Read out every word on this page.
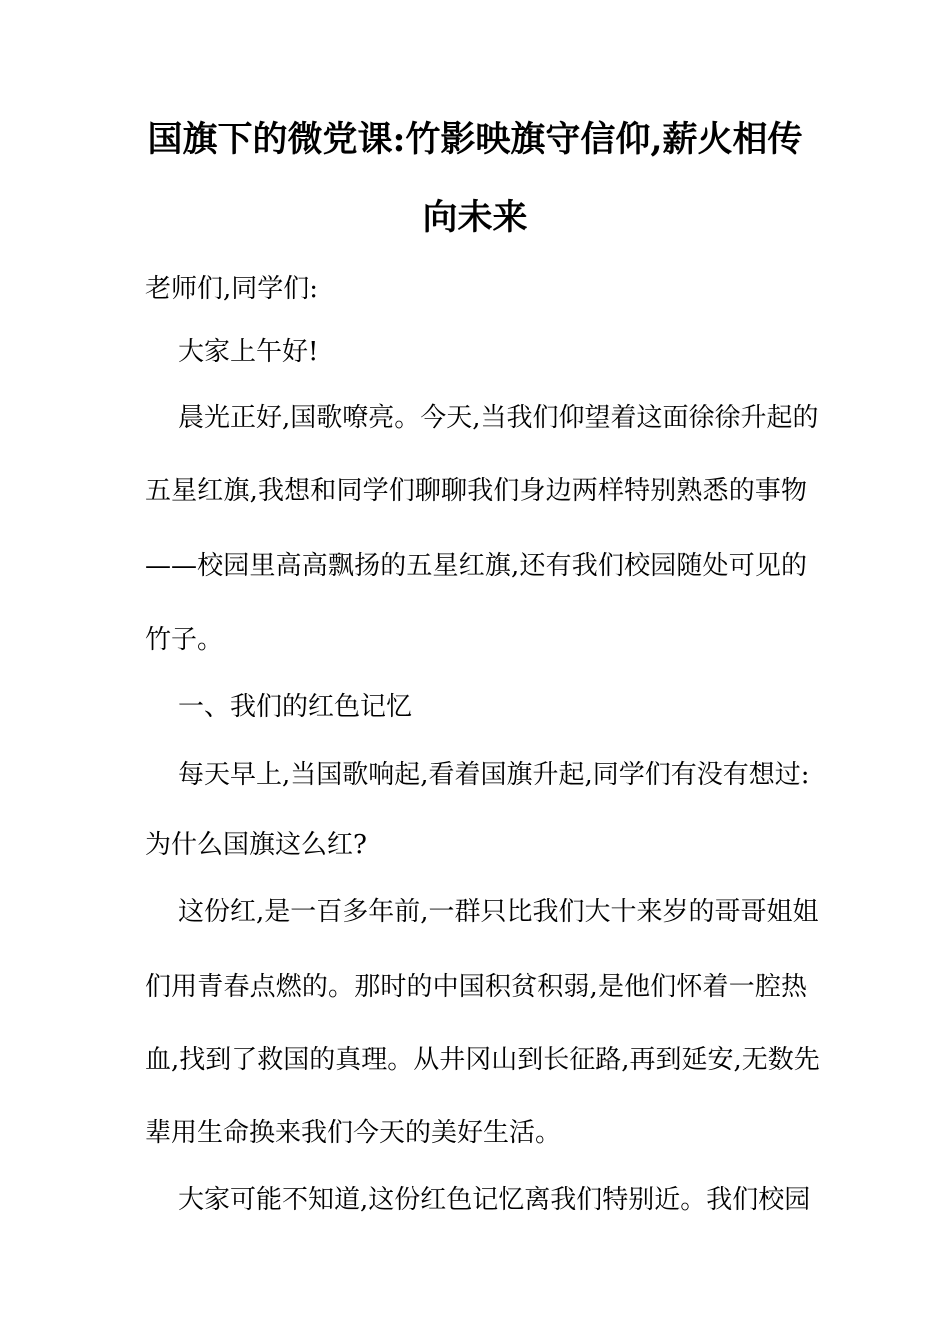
国旗下的微党课:竹影映旗守信仰,薪火相传
向未来
老师们,同学们:
大家上午好!
晨光正好,国歌嘹亮。今天,当我们仰望着这面徐徐升起的
五星红旗,我想和同学们聊聊我们身边两样特别熟悉的事物
——校园里高高飘扬的五星红旗,还有我们校园随处可见的
竹子。
一、我们的红色记忆
每天早上,当国歌响起,看着国旗升起,同学们有没有想过:
为什么国旗这么红?
这份红,是一百多年前,一群只比我们大十来岁的哥哥姐姐
们用青春点燃的。那时的中国积贫积弱,是他们怀着一腔热
血,找到了救国的真理。从井冈山到长征路,再到延安,无数先
辈用生命换来我们今天的美好生活。
大家可能不知道,这份红色记忆离我们特别近。我们校园
